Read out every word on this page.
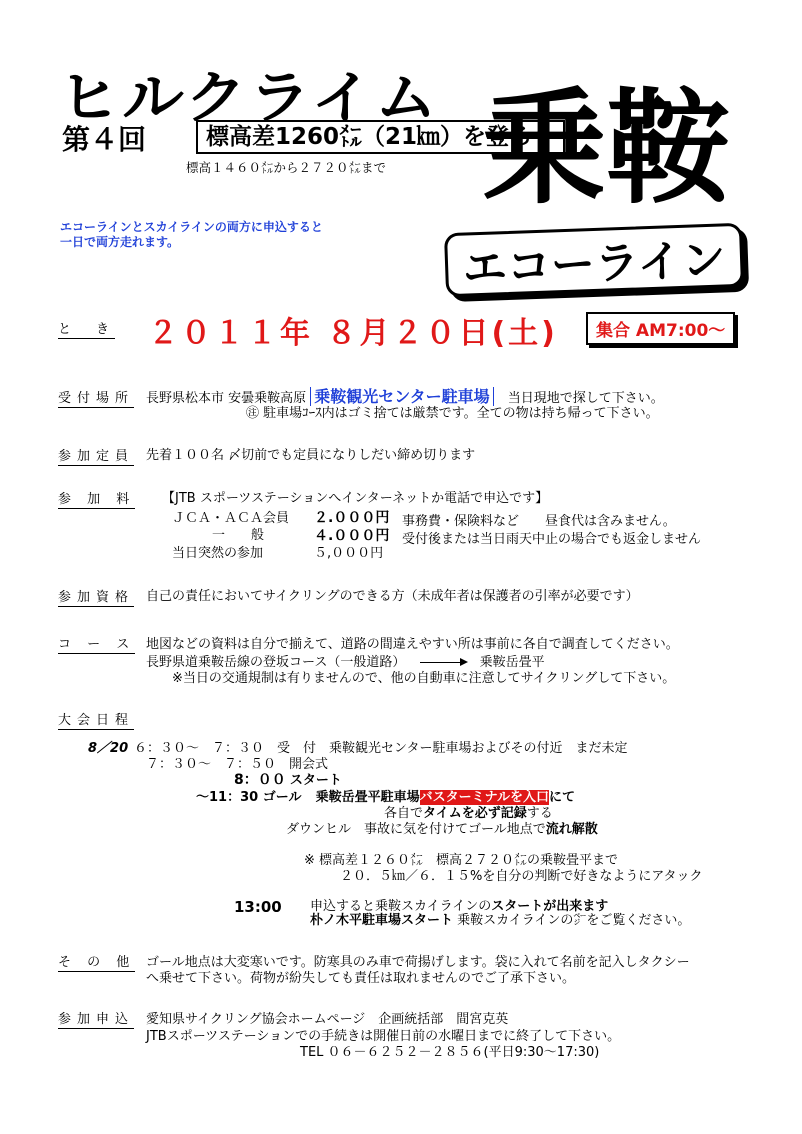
ヒルクライム
第４回	標高差1260㍍（21㎞）を登ろう
標高１４６０㍍から２７２０㍍まで 乗鞍
エコーライン
エコーラインとスカイラインの両方に申込すると
一日で両方走れます。
と　き ２０１１年 ８月２０日(土)	集合 AM7:00～
受付場所 長野県松本市 安曇乗鞍高原 乗鞍観光センター駐車場 当日現地で探して下さい。
㊟ 駐車場ｺｰｽ内はゴミ捨ては厳禁です。全ての物は持ち帰って下さい。
参加定員 先着１００名 〆切前でも定員になりしだい締め切ります
参 加 料 【JTB スポーツステーションへインターネットか電話で申込です】
ＪＣＡ・ＡＣＡ会員 ２.０００円 事務費・保険料など　　昼食代は含みません。
一　　般	４.０００円 受付後または当日雨天中止の場合でも返金しません
当日突然の参加	５,０００円
参加資格 自己の責任においてサイクリングのできる方（未成年者は保護者の引率が必要です）
コ ー ス 地図などの資料は自分で揃えて、道路の間違えやすい所は事前に各自で調査してください。
長野県道乗鞍岳線の登坂コース（一般道路）	乗鞍岳畳平
※当日の交通規制は有りませんので、他の自動車に注意してサイクリングして下さい。
大会日程
8／20 ６：３０～　７：３０　受　付　乗鞍観光センター駐車場およびその付近　まだ未定
７：３０～　７：５０　開会式
8：００ スタート
～11：30 ゴール 乗鞍岳畳平駐車場バスターミナルを入口にて
各自でタイムを必ず記録する
ダウンヒル　事故に気を付けてゴール地点で流れ解散
※ 標高差１２６０㍍　標高２７２０㍍の乗鞍畳平まで
２０．５㎞／６．１５%を自分の判断で好きなようにアタック
13:00 申込すると乗鞍スカイラインのスタートが出来ます
朴ノ木平駐車場スタート 乗鞍スカイラインの㌻をご覧ください。
そ の 他 ゴール地点は大変寒いです。防寒具のみ車で荷揚げします。袋に入れて名前を記入しタクシー
へ乗せて下さい。荷物が紛失しても責任は取れませんのでご了承下さい。
参加申込 愛知県サイクリング協会ホームページ　企画統括部　間宮克英
JTBスポーツステーションでの手続きは開催日前の水曜日までに終了して下さい。
TEL ０６－６２５２－２８５６(平日9:30～17:30)
